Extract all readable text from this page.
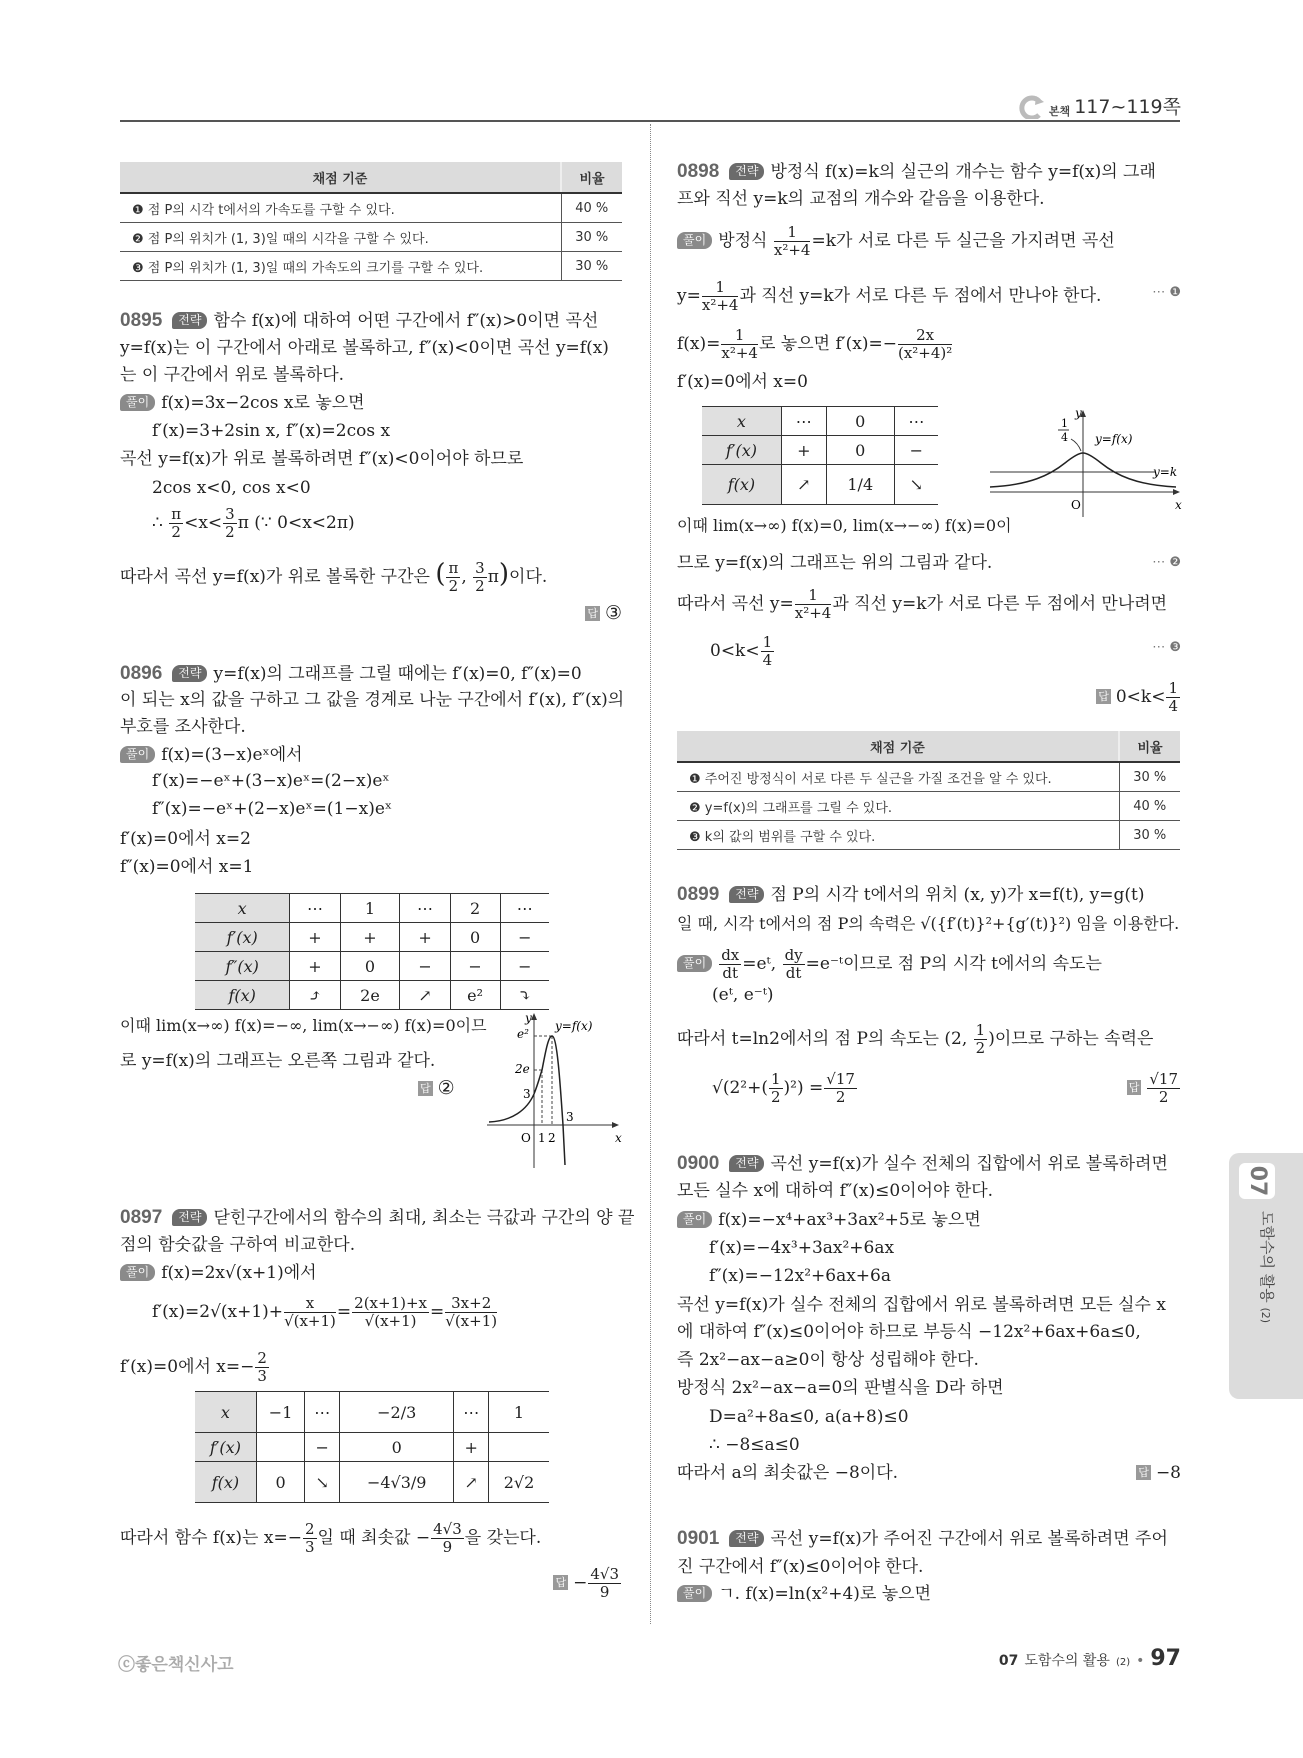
본책 117~119쪽
채점 기준	비율
❶ 점 P의 시각 t에서의 가속도를 구할 수 있다.	40 %
❷ 점 P의 위치가 (1, 3)일 때의 시각을 구할 수 있다.	30 %
❸ 점 P의 위치가 (1, 3)일 때의 가속도의 크기를 구할 수 있다.	30 %
0895 전략 함수 f(x)에 대하여 어떤 구간에서 f″(x)>0이면 곡선
y=f(x)는 이 구간에서 아래로 볼록하고, f″(x)<0이면 곡선 y=f(x)
는 이 구간에서 위로 볼록하다.
풀이 f(x)=3x−2cos x로 놓으면
f′(x)=3+2sin x, f″(x)=2cos x
곡선 y=f(x)가 위로 볼록하려면 f″(x)<0이어야 하므로
2cos x<0, cos x<0
∴ $\frac{\pi}{2} <x< \frac{3}{2}$ π (∵ 0<x<2π)
따라서 곡선 y=f(x)가 위로 볼록한 구간은 ( $\frac{\pi}{2}$ , $\frac{3}{2} \pi$)이다.
답 ③
0896 전략 y=f(x)의 그래프를 그릴 때에는 f′(x)=0, f″(x)=0
이 되는 x의 값을 구하고 그 값을 경계로 나눈 구간에서 f′(x), f″(x)의
부호를 조사한다.
풀이 f(x)=(3−x)eˣ에서
f′(x)=−eˣ+(3−x)eˣ=(2−x)eˣ
f″(x)=−eˣ+(2−x)eˣ=(1−x)eˣ
f′(x)=0에서 x=2
f″(x)=0에서 x=1
x	⋯	1	⋯	2	⋯
f′(x)	+	+	+	0	−
f″(x)	+	0	−	−	−
f(x)	⤴	2e	↗	e²	⤵
이때 lim(x→∞) f(x)=−∞, lim(x→−∞) f(x)=0이므
로 y=f(x)의 그래프는 오른쪽 그림과 같다.
답 ②
y
x
y=f(x)
O
e²
2e
3
1 2
3
0897 전략 닫힌구간에서의 함수의 최대, 최소는 극값과 구간의 양 끝
점의 함숫값을 구하여 비교한다.
풀이 f(x)=2x√(x+1)에서
$f'(x)=2√(x+1)+ \frac{x}{√(x+1)} = \frac{2(x+1)+x}{√(x+1)} = \frac{3x+2}{√(x+1)}$
f′(x)=0에서 $x=- \frac{2}{3}$
x	−1	⋯	−2/3	⋯	1
f′(x)		−	0	+	
f(x)	0	↘	−4√3/9	↗	2√2
따라서 함수 f(x)는 $x=- \frac{2}{3}$ 일 때 최솟값 − $\frac{4√3}{9}$ 을 갖는다.
답 − $\frac{4√3}{9}$
0898 전략 방정식 f(x)=k의 실근의 개수는 함수 y=f(x)의 그래
프와 직선 y=k의 교점의 개수와 같음을 이용한다.
풀이 방정식 $\frac{1}{\text{x²+4}} =k$가 서로 다른 두 실근을 가지려면 곡선
$y= \frac{1}{\text{x²+4}}$ 과 직선 y=k가 서로 다른 두 점에서 만나야 한다.	⋯ ❶
$f(x)= \frac{1}{\text{x²+4}}$ 로 놓으면 $f'(x)=- \frac{2x}{\text{(x²+4)²}}$
f′(x)=0에서 x=0
x	⋯	0	⋯
f′(x)	+	0	−
f(x)	↗	1/4	↘
y
x
y=f(x)
y=k
O
1
4
이때 lim(x→∞) f(x)=0, lim(x→−∞) f(x)=0이
므로 y=f(x)의 그래프는 위의 그림과 같다.	⋯ ❷
따라서 곡선 $y= \frac{1}{\text{x²+4}}$ 과 직선 y=k가 서로 다른 두 점에서 만나려면
$0<k< \frac{1}{4}$	⋯ ❸
답 $0<k< \frac{1}{4}$
채점 기준	비율
❶ 주어진 방정식이 서로 다른 두 실근을 가질 조건을 알 수 있다.	30 %
❷ y=f(x)의 그래프를 그릴 수 있다.	40 %
❸ k의 값의 범위를 구할 수 있다.	30 %
0899 전략 점 P의 시각 t에서의 위치 (x, y)가 x=f(t), y=g(t)
일 때, 시각 t에서의 점 P의 속력은 √({f′(t)}²+{g′(t)}²) 임을 이용한다.
풀이 $\frac{dx}{dt}$ =eᵗ, $\frac{dy}{dt}$ =e⁻ᵗ이므로 점 P의 시각 t에서의 속도는
(eᵗ, e⁻ᵗ)
따라서 t=ln2에서의 점 P의 속도는 (2, $\frac{1}{2}$ )이므로 구하는 속력은
$√(2^2+( \frac{1}{2} )^2) = \frac{√17}{2}$	답 $\frac{√17}{2}$
0900 전략 곡선 y=f(x)가 실수 전체의 집합에서 위로 볼록하려면
모든 실수 x에 대하여 f″(x)≤0이어야 한다.
풀이 f(x)=−x⁴+ax³+3ax²+5로 놓으면
f′(x)=−4x³+3ax²+6ax
f″(x)=−12x²+6ax+6a
곡선 y=f(x)가 실수 전체의 집합에서 위로 볼록하려면 모든 실수 x
에 대하여 f″(x)≤0이어야 하므로 부등식 −12x²+6ax+6a≤0,
즉 2x²−ax−a≥0이 항상 성립해야 한다.
방정식 2x²−ax−a=0의 판별식을 D라 하면
D=a²+8a≤0, a(a+8)≤0
∴ −8≤a≤0
따라서 a의 최솟값은 −8이다.	답 −8
0901 전략 곡선 y=f(x)가 주어진 구간에서 위로 볼록하려면 주어
진 구간에서 f″(x)≤0이어야 한다.
풀이 ㄱ. f(x)=ln(x²+4)로 놓으면
07
도함수의 활용 (2)
ⓒ좋은책신사고	07 도함수의 활용 (2) • 97
